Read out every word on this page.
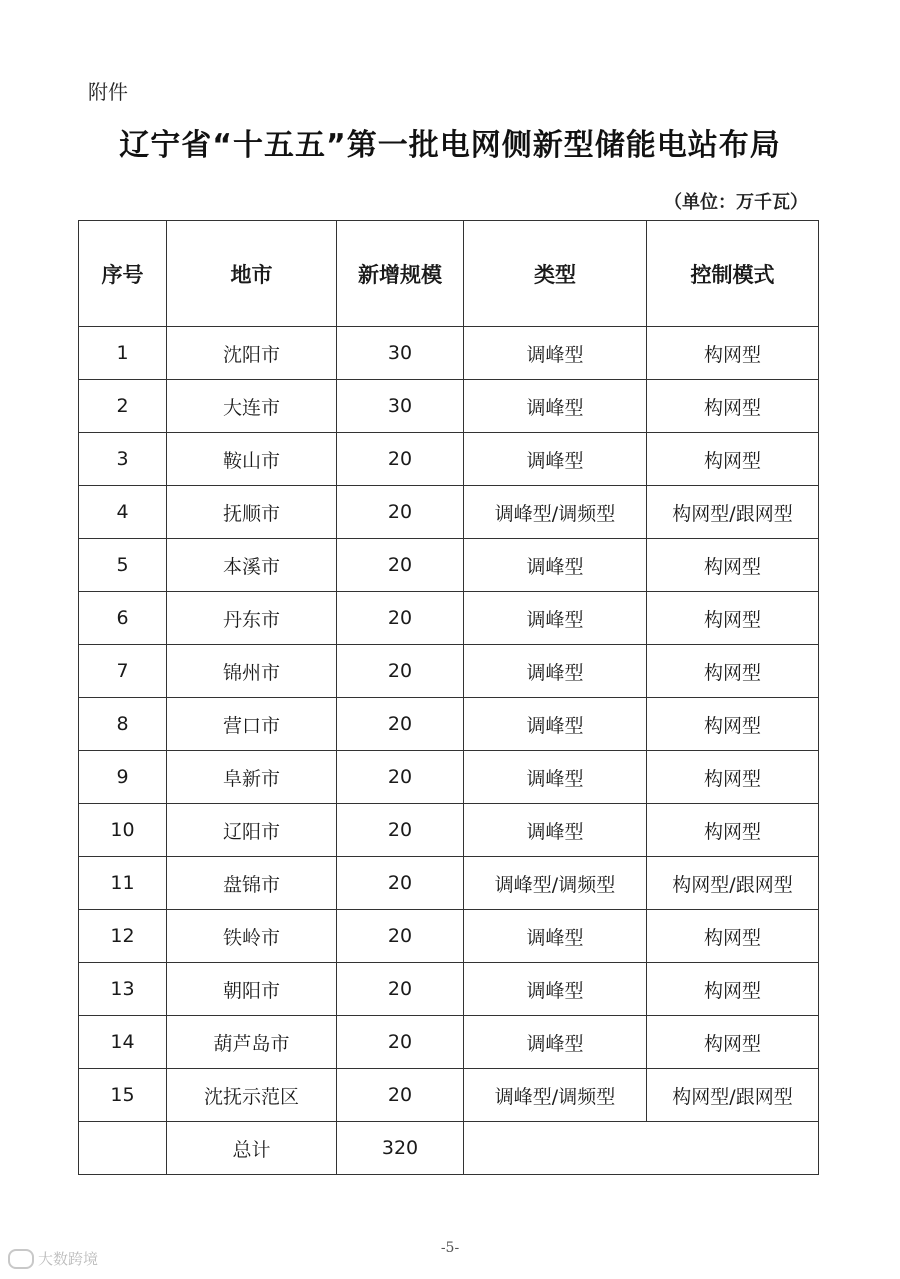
附件
辽宁省“十五五”第一批电网侧新型储能电站布局
（单位：万千瓦）
序号	地市	新增规模	类型	控制模式
1	沈阳市	30	调峰型	构网型
2	大连市	30	调峰型	构网型
3	鞍山市	20	调峰型	构网型
4	抚顺市	20	调峰型/调频型	构网型/跟网型
5	本溪市	20	调峰型	构网型
6	丹东市	20	调峰型	构网型
7	锦州市	20	调峰型	构网型
8	营口市	20	调峰型	构网型
9	阜新市	20	调峰型	构网型
10	辽阳市	20	调峰型	构网型
11	盘锦市	20	调峰型/调频型	构网型/跟网型
12	铁岭市	20	调峰型	构网型
13	朝阳市	20	调峰型	构网型
14	葫芦岛市	20	调峰型	构网型
15	沈抚示范区	20	调峰型/调频型	构网型/跟网型
	总计	320		
-5-
大数跨境
